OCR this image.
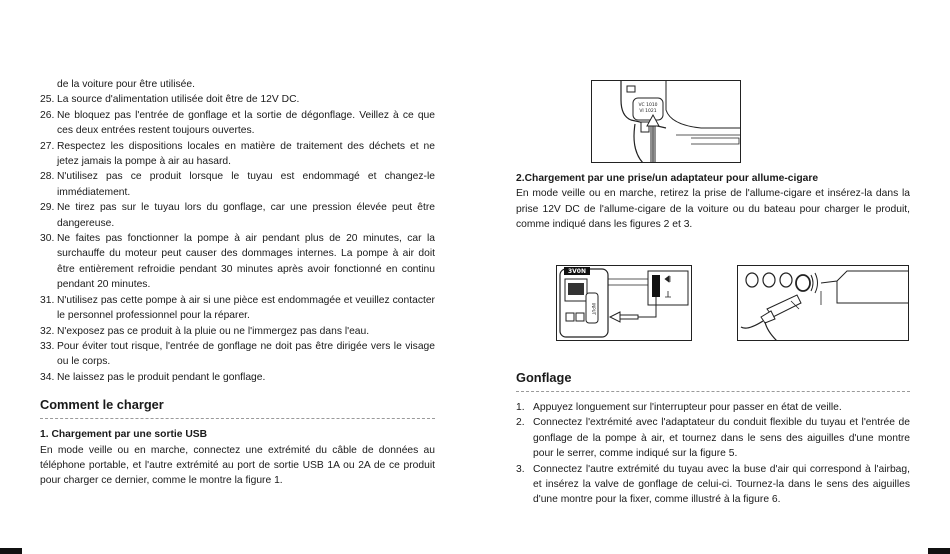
de la voiture pour être utilisée.
25. La source d'alimentation utilisée doit être de 12V DC.
26. Ne bloquez pas l'entrée de gonflage et la sortie de dégonflage. Veillez à ce que ces deux entrées restent toujours ouvertes.
27. Respectez les dispositions locales en matière de traitement des déchets et ne jetez jamais la pompe à air au hasard.
28. N'utilisez pas ce produit lorsque le tuyau est endommagé et changez-le immédiatement.
29. Ne tirez pas sur le tuyau lors du gonflage, car une pression élevée peut être dangereuse.
30. Ne faites pas fonctionner la pompe à air pendant plus de 20 minutes, car la surchauffe du moteur peut causer des dommages internes. La pompe à air doit être entièrement refroidie pendant 30 minutes après avoir fonctionné en continu pendant 20 minutes.
31. N'utilisez pas cette pompe à air si une pièce est endommagée et veuillez contacter le personnel professionnel pour la réparer.
32. N'exposez pas ce produit à la pluie ou ne l'immergez pas dans l'eau.
33. Pour éviter tout risque, l'entrée de gonflage ne doit pas être dirigée vers le visage ou le corps.
34. Ne laissez pas le produit pendant le gonflage.
Comment le charger
1. Chargement par une sortie USB

En mode veille ou en marche, connectez une extrémité du câble de données au téléphone portable, et l'autre extrémité au port de sortie USB 1A ou 2A de ce produit pour charger ce dernier, comme le montre la figure 1.

VC 1010
VI 1021
2.Chargement par une prise/un adaptateur pour allume-cigare

En mode veille ou en marche, retirez la prise de l'allume-cigare et insérez-la dans la prise 12V DC de l'allume-cigare de la voiture ou du bateau pour charger le produit, comme indiqué dans les figures 2 et 3.

3V0N
INPUT
Gonflage
1. Appuyez longuement sur l'interrupteur pour passer en état de veille.
2. Connectez l'extrémité avec l'adaptateur du conduit flexible du tuyau et l'entrée de gonflage de la pompe à air, et tournez dans le sens des aiguilles d'une montre pour le serrer, comme indiqué sur la figure 5.
3. Connectez l'autre extrémité du tuyau avec la buse d'air qui correspond à l'airbag, et insérez la valve de gonflage de celui-ci. Tournez-la dans le sens des aiguilles d'une montre pour la fixer, comme illustré à la figure 6.
